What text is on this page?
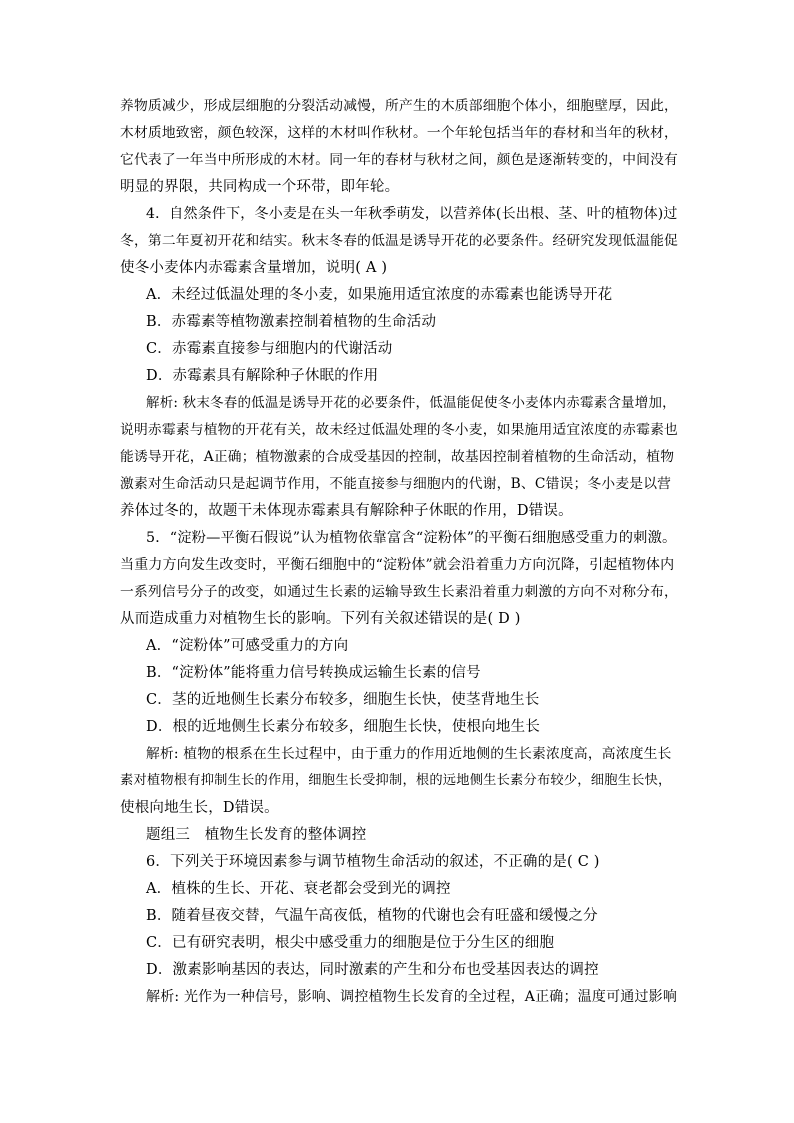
养物质减少，形成层细胞的分裂活动减慢，所产生的木质部细胞个体小，细胞壁厚，因此，
木材质地致密，颜色较深，这样的木材叫作秋材。一个年轮包括当年的春材和当年的秋材，
它代表了一年当中所形成的木材。同一年的春材与秋材之间，颜色是逐渐转变的，中间没有
明显的界限，共同构成一个环带，即年轮。
4．自然条件下，冬小麦是在头一年秋季萌发，以营养体(长出根、茎、叶的植物体)过
冬，第二年夏初开花和结实。秋末冬春的低温是诱导开花的必要条件。经研究发现低温能促
使冬小麦体内赤霉素含量增加，说明( A )
A．未经过低温处理的冬小麦，如果施用适宜浓度的赤霉素也能诱导开花
B．赤霉素等植物激素控制着植物的生命活动
C．赤霉素直接参与细胞内的代谢活动
D．赤霉素具有解除种子休眠的作用
解析: 秋末冬春的低温是诱导开花的必要条件，低温能促使冬小麦体内赤霉素含量增加，
说明赤霉素与植物的开花有关，故未经过低温处理的冬小麦，如果施用适宜浓度的赤霉素也
能诱导开花，A正确；植物激素的合成受基因的控制，故基因控制着植物的生命活动，植物
激素对生命活动只是起调节作用，不能直接参与细胞内的代谢，B、C错误；冬小麦是以营
养体过冬的，故题干未体现赤霉素具有解除种子休眠的作用，D错误。
5．“淀粉—平衡石假说”认为植物依靠富含“淀粉体”的平衡石细胞感受重力的刺激。
当重力方向发生改变时，平衡石细胞中的“淀粉体”就会沿着重力方向沉降，引起植物体内
一系列信号分子的改变，如通过生长素的运输导致生长素沿着重力刺激的方向不对称分布，
从而造成重力对植物生长的影响。下列有关叙述错误的是( D )
A．“淀粉体”可感受重力的方向
B．“淀粉体”能将重力信号转换成运输生长素的信号
C．茎的近地侧生长素分布较多，细胞生长快，使茎背地生长
D．根的近地侧生长素分布较多，细胞生长快，使根向地生长
解析: 植物的根系在生长过程中，由于重力的作用近地侧的生长素浓度高，高浓度生长
素对植物根有抑制生长的作用，细胞生长受抑制，根的远地侧生长素分布较少，细胞生长快，
使根向地生长，D错误。
题组三　植物生长发育的整体调控
6．下列关于环境因素参与调节植物生命活动的叙述，不正确的是( C )
A．植株的生长、开花、衰老都会受到光的调控
B．随着昼夜交替，气温午高夜低，植物的代谢也会有旺盛和缓慢之分
C．已有研究表明，根尖中感受重力的细胞是位于分生区的细胞
D．激素影响基因的表达，同时激素的产生和分布也受基因表达的调控
解析: 光作为一种信号，影响、调控植物生长发育的全过程，A正确；温度可通过影响
